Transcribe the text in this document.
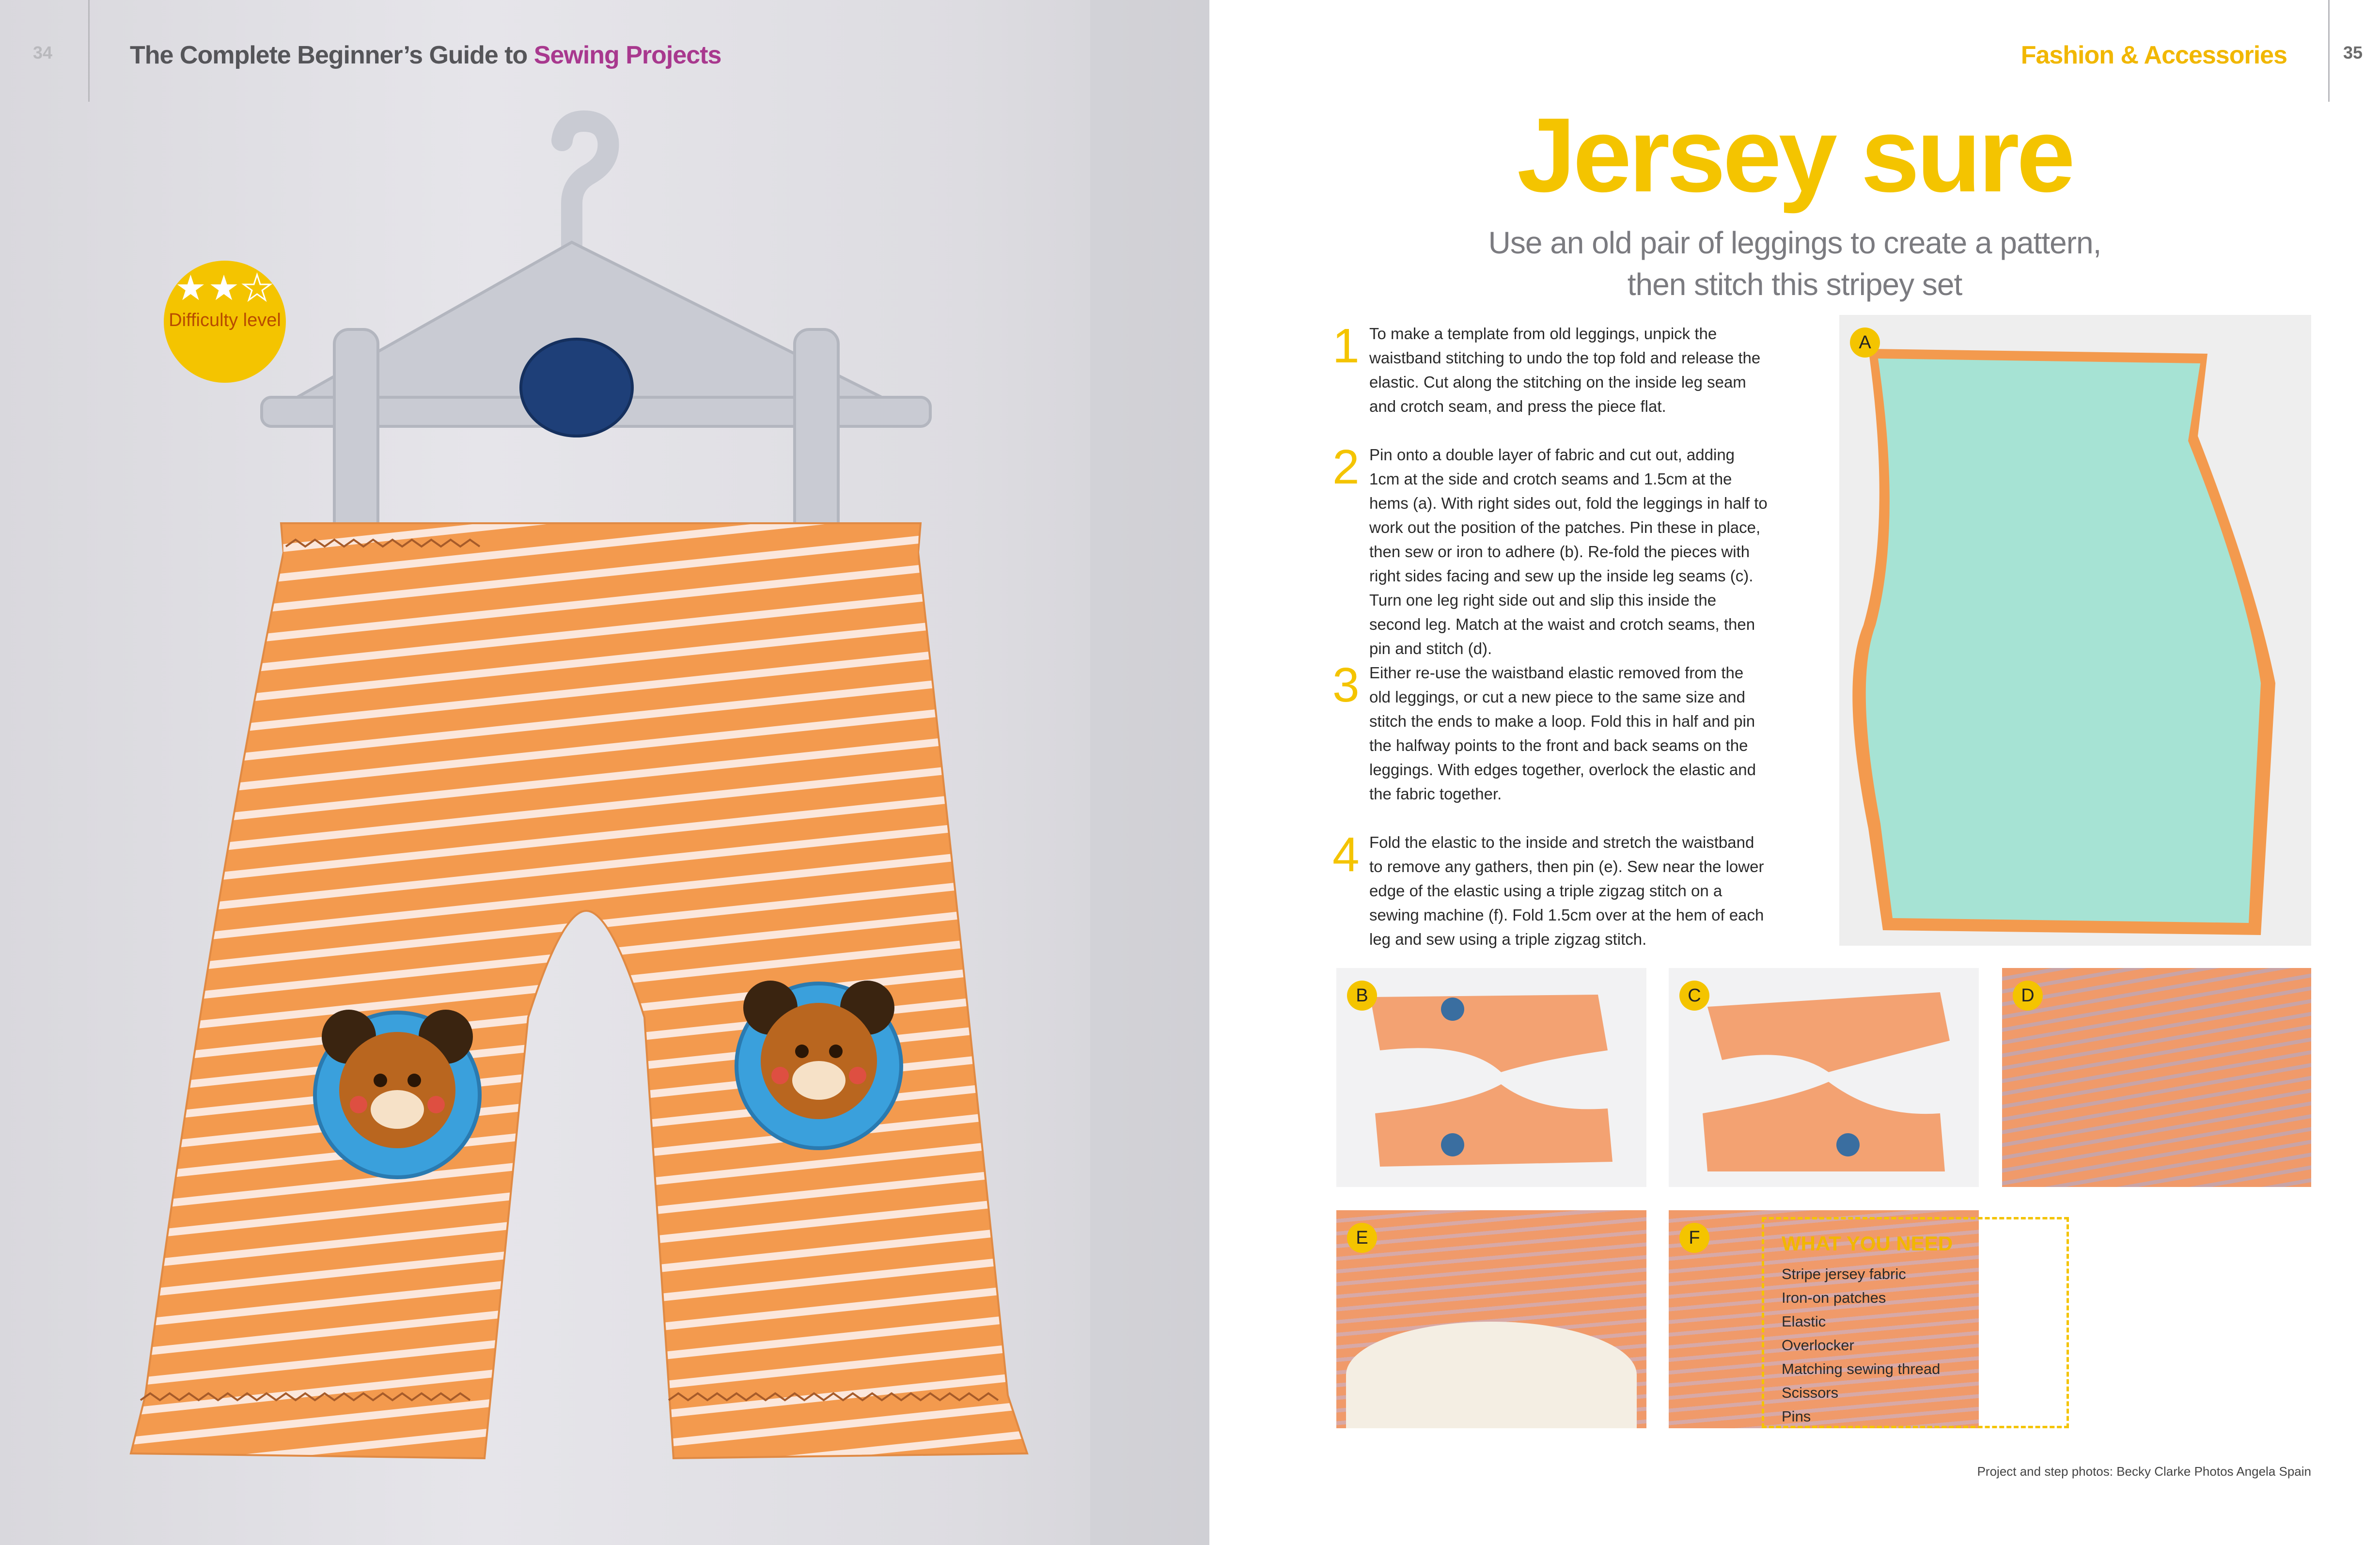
34	The Complete Beginner’s Guide to Sewing Projects
★★★
Difficulty level
35
Fashion & Accessories
Jersey sure
Use an old pair of leggings to create a pattern,
then stitch this stripey set
1 To make a template from old leggings, unpick the waistband stitching to undo the top fold and release the elastic. Cut along the stitching on the inside leg seam and crotch seam, and press the piece flat.
2 Pin onto a double layer of fabric and cut out, adding 1cm at the side and crotch seams and 1.5cm at the hems (a). With right sides out, fold the leggings in half to work out the position of the patches. Pin these in place, then sew or iron to adhere (b). Re-fold the pieces with right sides facing and sew up the inside leg seams (c). Turn one leg right side out and slip this inside the second leg. Match at the waist and crotch seams, then pin and stitch (d).
3 Either re-use the waistband elastic removed from the old leggings, or cut a new piece to the same size and stitch the ends to make a loop. Fold this in half and pin the halfway points to the front and back seams on the leggings. With edges together, overlock the elastic and the fabric together.
4 Fold the elastic to the inside and stretch the waistband to remove any gathers, then pin (e). Sew near the lower edge of the elastic using a triple zigzag stitch on a sewing machine (f). Fold 1.5cm over at the hem of each leg and sew using a triple zigzag stitch.
A
B	C	D
E	F	WHAT YOU NEED
Stripe jersey fabric
Iron-on patches
Elastic
Overlocker
Matching sewing thread
Scissors
Pins
Project and step photos: Becky Clarke Photos Angela Spain
